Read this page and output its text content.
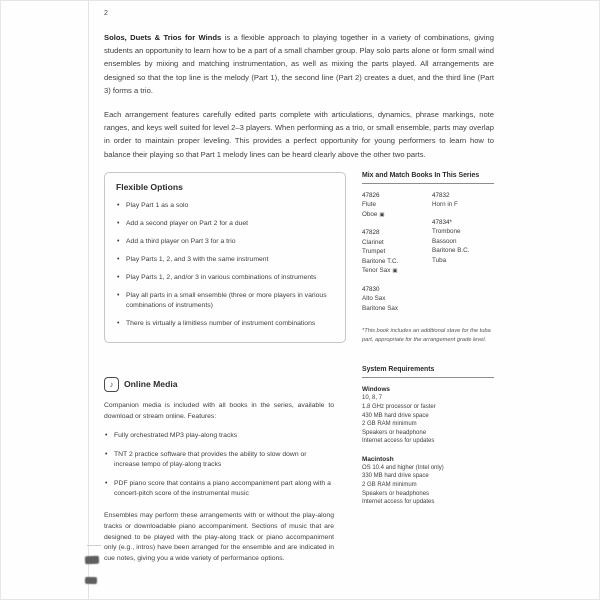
2

Solos, Duets & Trios for Winds is a flexible approach to playing together in a variety of combinations, giving students an opportunity to learn how to be a part of a small chamber group. Play solo parts alone or form small wind ensembles by mixing and matching instrumentation, as well as mixing the parts played. All arrangements are designed so that the top line is the melody (Part 1), the second line (Part 2) creates a duet, and the third line (Part 3) forms a trio.

Each arrangement features carefully edited parts complete with articulations, dynamics, phrase markings, note ranges, and keys well suited for level 2–3 players. When performing as a trio, or small ensemble, parts may overlap in order to maintain proper leveling. This provides a perfect opportunity for young performers to learn how to balance their playing so that Part 1 melody lines can be heard clearly above the other two parts.

Flexible Options
• Play Part 1 as a solo
• Add a second player on Part 2 for a duet
• Add a third player on Part 3 for a trio
• Play Parts 1, 2, and 3 with the same instrument
• Play Parts 1, 2, and/or 3 in various combinations of instruments
• Play all parts in a small ensemble (three or more players in various combinations of instruments)
• There is virtually a limitless number of instrument combinations
♪	Online Media

Companion media is included with all books in the series, available to download or stream online. Features:

• Fully orchestrated MP3 play-along tracks
• TNT 2 practice software that provides the ability to slow down or increase tempo of play-along tracks
• PDF piano score that contains a piano accompaniment part along with a concert-pitch score of the instrumental music

Ensembles may perform these arrangements with or without the play-along tracks or downloadable piano accompaniment. Sections of music that are designed to be played with the play-along track or piano accompaniment only (e.g., intros) have been arranged for the ensemble and are indicated in cue notes, giving you a wide variety of performance options.

Mix and Match Books In This Series
47826
Flute
Oboe ▣
47828
Clarinet
Trumpet
Baritone T.C.
Tenor Sax ▣
47830
Alto Sax
Baritone Sax
47832
Horn in F
47834*
Trombone
Bassoon
Baritone B.C.
Tuba
*This book includes an additional stave for the tuba part, appropriate for the arrangement grade level.
System Requirements
Windows
10, 8, 7
1.8 GHz processor or faster
430 MB hard drive space
2 GB RAM minimum
Speakers or headphone
Internet access for updates
Macintosh
OS 10.4 and higher (Intel only)
330 MB hard drive space
2 GB RAM minimum
Speakers or headphones
Internet access for updates
